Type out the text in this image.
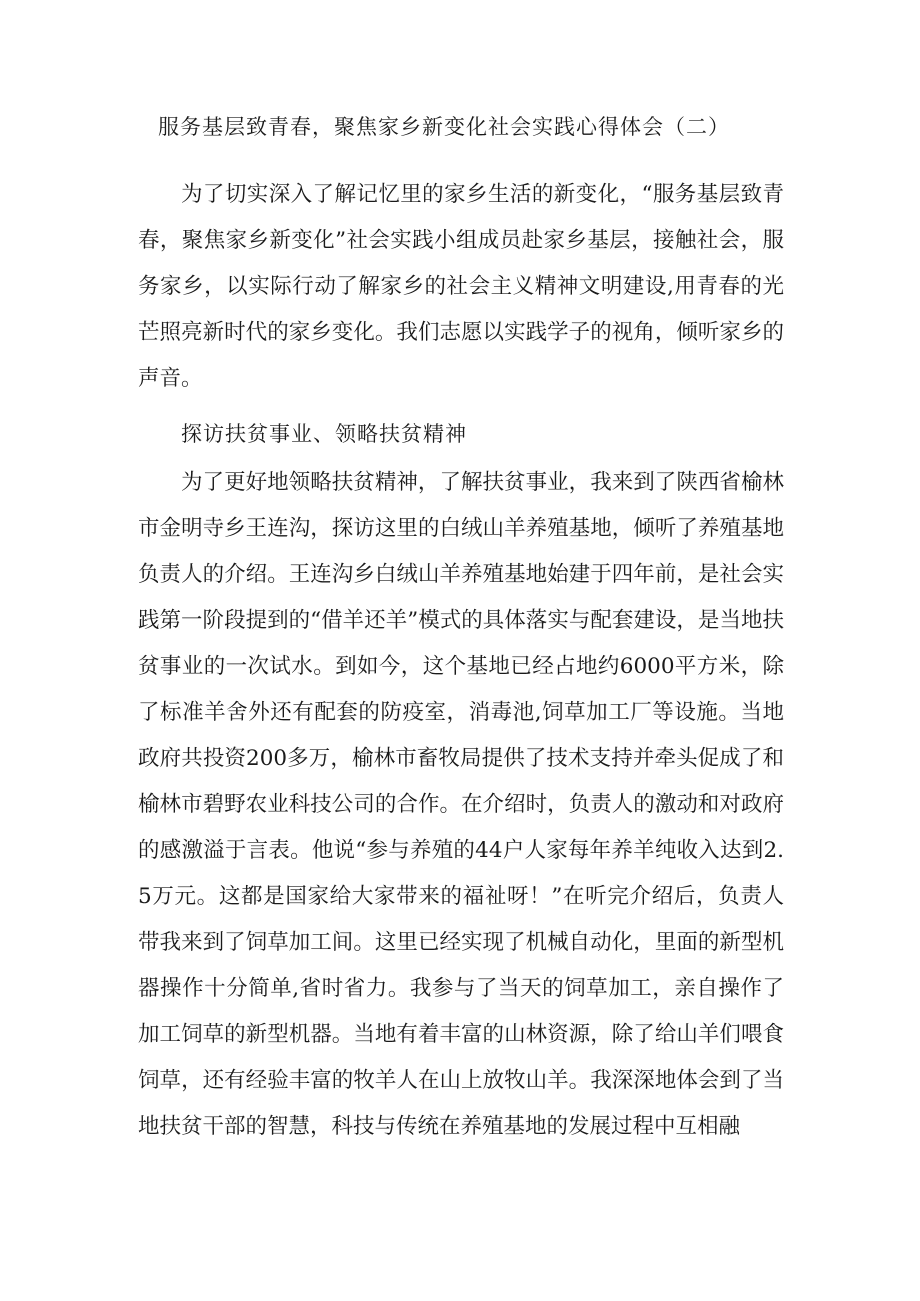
服务基层致青春，聚焦家乡新变化社会实践心得体会（二）

为了切实深入了解记忆里的家乡生活的新变化，“服务基层致青春，聚焦家乡新变化”社会实践小组成员赴家乡基层，接触社会，服务家乡，以实际行动了解家乡的社会主义精神文明建设,用青春的光芒照亮新时代的家乡变化。我们志愿以实践学子的视角，倾听家乡的声音。

探访扶贫事业、领略扶贫精神

为了更好地领略扶贫精神，了解扶贫事业，我来到了陕西省榆林市金明寺乡王连沟，探访这里的白绒山羊养殖基地，倾听了养殖基地负责人的介绍。王连沟乡白绒山羊养殖基地始建于四年前，是社会实践第一阶段提到的“借羊还羊”模式的具体落实与配套建设，是当地扶贫事业的一次试水。到如今，这个基地已经占地约6000平方米，除了标准羊舍外还有配套的防疫室，消毒池,饲草加工厂等设施。当地政府共投资200多万，榆林市畜牧局提供了技术支持并牵头促成了和榆林市碧野农业科技公司的合作。在介绍时，负责人的激动和对政府的感激溢于言表。他说“参与养殖的44户人家每年养羊纯收入达到2.5万元。这都是国家给大家带来的福祉呀！”在听完介绍后，负责人带我来到了饲草加工间。这里已经实现了机械自动化，里面的新型机器操作十分简单,省时省力。我参与了当天的饲草加工，亲自操作了加工饲草的新型机器。当地有着丰富的山林资源，除了给山羊们喂食饲草，还有经验丰富的牧羊人在山上放牧山羊。我深深地体会到了当地扶贫干部的智慧，科技与传统在养殖基地的发展过程中互相融
